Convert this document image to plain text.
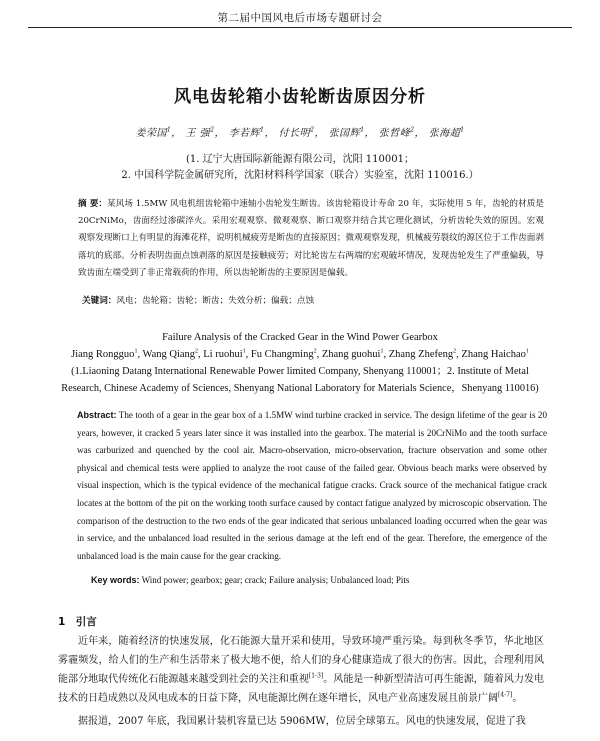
第二届中国风电后市场专题研讨会
风电齿轮箱小齿轮断齿原因分析
姜荣国$^1$， 王 强$^2$， 李若辉$^1$， 付长明$^2$， 张国辉$^1$， 张哲峰$^2$， 张海超$^1$
(1. 辽宁大唐国际新能源有限公司，沈阳 110001；
2. 中国科学院金属研究所，沈阳材料科学国家（联合）实验室，沈阳 110016.）
摘 要：某风场 1.5MW 风电机组齿轮箱中速轴小齿轮发生断齿。该齿轮箱设计寿命 20 年，实际使用 5 年，齿轮的材质是 20CrNiMo，齿面经过渗碳淬火。采用宏观观察、微观观察、断口观察并结合其它理化测试，分析齿轮失效的原因。宏观观察发现断口上有明显的海滩花样，说明机械疲劳是断齿的直接原因；微观观察发现，机械疲劳裂纹的源区位于工作齿面剥落坑的底部。分析表明齿面点蚀剥落的原因是接触疲劳；对比轮齿左右两端的宏观破坏情况，发现齿轮发生了严重偏载，导致齿面左端受到了非正常载荷的作用，所以齿轮断齿的主要原因是偏载。
关键词：风电；齿轮箱；齿轮；断齿；失效分析；偏载；点蚀
Failure Analysis of the Cracked Gear in the Wind Power Gearbox
Jiang Rongguo$^1$, Wang Qiang$^2$, Li ruohui$^1$, Fu Changming$^2$, Zhang guohui$^1$, Zhang Zhefeng$^2$, Zhang Haichao$^1$
(1.Liaoning Datang International Renewable Power limited Company, Shenyang 110001；2. Institute of Metal
Research, Chinese Academy of Sciences, Shenyang National Laboratory for Materials Science，Shenyang 110016)
Abstract: The tooth of a gear in the gear box of a 1.5MW wind turbine cracked in service. The design lifetime of the gear is 20 years, however, it cracked 5 years later since it was installed into the gearbox. The material is 20CrNiMo and the tooth surface was carburized and quenched by the cool air. Macro-observation, micro-observation, fracture observation and some other physical and chemical tests were applied to analyze the root cause of the failed gear. Obvious beach marks were observed by visual inspection, which is the typical evidence of the mechanical fatigue cracks. Crack source of the mechanical fatigue crack locates at the bottom of the pit on the working tooth surface caused by contact fatigue analyzed by microscopic observation. The comparison of the destruction to the two ends of the gear indicated that serious unbalanced loading occurred when the gear was in service, and the unbalanced load resulted in the serious damage at the left end of the gear. Therefore, the emergence of the unbalanced load is the main cause for the gear cracking.
Key words: Wind power; gearbox; gear; crack; Failure analysis; Unbalanced load; Pits
1　引言
近年来，随着经济的快速发展，化石能源大量开采和使用，导致环境严重污染。每到秋冬季节，华北地区雾霾频发，给人们的生产和生活带来了极大地不便，给人们的身心健康造成了很大的伤害。因此，合理利用风能部分地取代传统化石能源越来越受到社会的关注和重视[1-3]。风能是一种新型清洁可再生能源，随着风力发电技术的日趋成熟以及风电成本的日益下降，风电能源比例在逐年增长，风电产业高速发展且前景广阔[4-7]。
据报道，2007 年底，我国累计装机容量已达 5906MW，位居全球第五。风电的快速发展，促进了我
